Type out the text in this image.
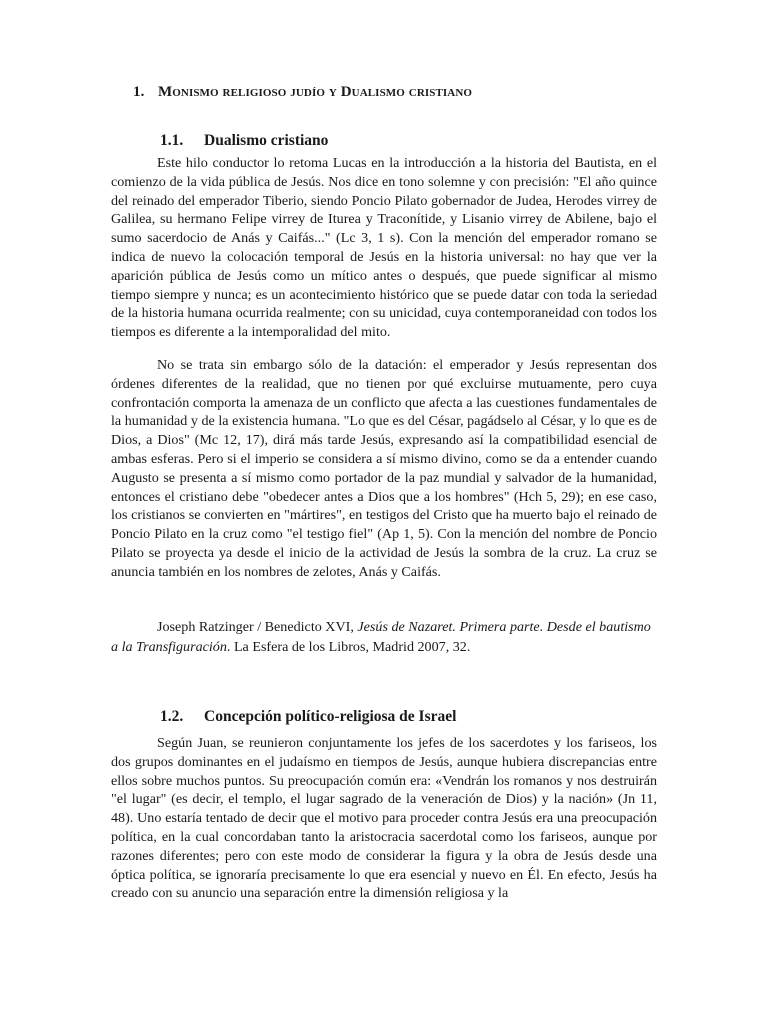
1. Monismo religioso judío y Dualismo cristiano
1.1. Dualismo cristiano

Este hilo conductor lo retoma Lucas en la introducción a la historia del Bautista, en el comienzo de la vida pública de Jesús. Nos dice en tono solemne y con precisión: "El año quince del reinado del emperador Tiberio, siendo Poncio Pilato gobernador de Judea, Herodes virrey de Galilea, su hermano Felipe virrey de Iturea y Traconítide, y Lisanio virrey de Abilene, bajo el sumo sacerdocio de Anás y Caifás..." (Lc 3, 1 s). Con la mención del emperador romano se indica de nuevo la colocación temporal de Jesús en la historia universal: no hay que ver la aparición pública de Jesús como un mítico antes o después, que puede significar al mismo tiempo siempre y nunca; es un acontecimiento histórico que se puede datar con toda la seriedad de la historia humana ocurrida realmente; con su unicidad, cuya contemporaneidad con todos los tiempos es diferente a la intemporalidad del mito.

No se trata sin embargo sólo de la datación: el emperador y Jesús representan dos órdenes diferentes de la realidad, que no tienen por qué excluirse mutuamente, pero cuya confrontación comporta la amenaza de un conflicto que afecta a las cuestiones fundamentales de la humanidad y de la existencia humana. "Lo que es del César, pagádselo al César, y lo que es de Dios, a Dios" (Mc 12, 17), dirá más tarde Jesús, expresando así la compatibilidad esencial de ambas esferas. Pero si el imperio se considera a sí mismo divino, como se da a entender cuando Augusto se presenta a sí mismo como portador de la paz mundial y salvador de la humanidad, entonces el cristiano debe "obedecer antes a Dios que a los hombres" (Hch 5, 29); en ese caso, los cristianos se convierten en "mártires", en testigos del Cristo que ha muerto bajo el reinado de Poncio Pilato en la cruz como "el testigo fiel" (Ap 1, 5). Con la mención del nombre de Poncio Pilato se proyecta ya desde el inicio de la actividad de Jesús la sombra de la cruz. La cruz se anuncia también en los nombres de zelotes, Anás y Caifás.

Joseph Ratzinger / Benedicto XVI, Jesús de Nazaret. Primera parte. Desde el bautismo a la Transfiguración. La Esfera de los Libros, Madrid 2007, 32.

1.2. Concepción político-religiosa de Israel

Según Juan, se reunieron conjuntamente los jefes de los sacerdotes y los fariseos, los dos grupos dominantes en el judaísmo en tiempos de Jesús, aunque hubiera discrepancias entre ellos sobre muchos puntos. Su preocupación común era: «Vendrán los romanos y nos destruirán "el lugar" (es decir, el templo, el lugar sagrado de la veneración de Dios) y la nación» (Jn 11, 48). Uno estaría tentado de decir que el motivo para proceder contra Jesús era una preocupación política, en la cual concordaban tanto la aristocracia sacerdotal como los fariseos, aunque por razones diferentes; pero con este modo de considerar la figura y la obra de Jesús desde una óptica política, se ignoraría precisamente lo que era esencial y nuevo en Él. En efecto, Jesús ha creado con su anuncio una separación entre la dimensión religiosa y la
